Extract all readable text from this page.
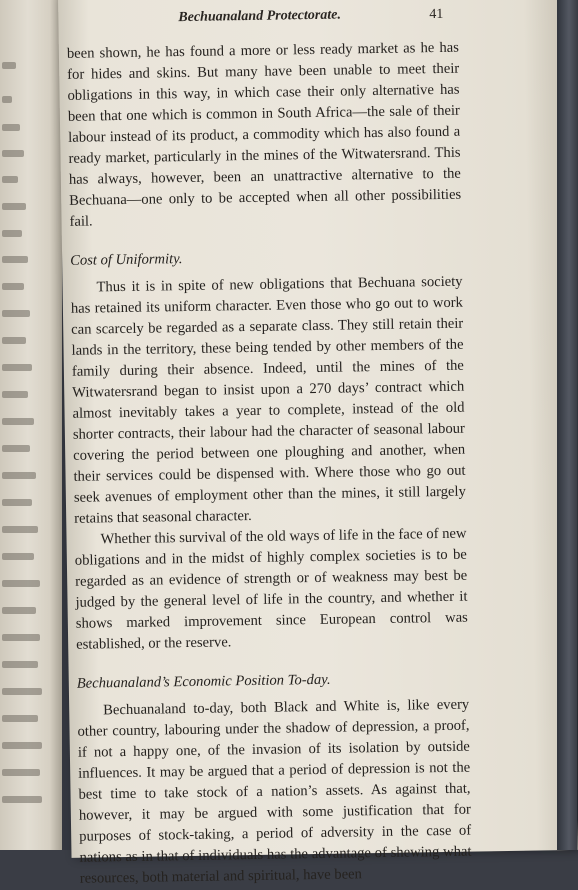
Bechuanaland Protectorate.	41

been shown, he has found a more or less ready market as he has for hides and skins. But many have been unable to meet their obligations in this way, in which case their only alternative has been that one which is common in South Africa—the sale of their labour instead of its product, a commodity which has also found a ready market, particularly in the mines of the Witwatersrand. This has always, however, been an unattractive alternative to the Bechuana—one only to be accepted when all other possibilities fail.

Cost of Uniformity.

Thus it is in spite of new obligations that Bechuana society has retained its uniform character. Even those who go out to work can scarcely be regarded as a separate class. They still retain their lands in the territory, these being tended by other members of the family during their absence. Indeed, until the mines of the Witwatersrand began to insist upon a 270 days’ contract which almost inevitably takes a year to complete, instead of the old shorter contracts, their labour had the character of seasonal labour covering the period between one ploughing and another, when their services could be dispensed with. Where those who go out seek avenues of employment other than the mines, it still largely retains that seasonal character.

Whether this survival of the old ways of life in the face of new obligations and in the midst of highly complex societies is to be regarded as an evidence of strength or of weakness may best be judged by the general level of life in the country, and whether it shows marked improvement since European control was established, or the reserve.

Bechuanaland’s Economic Position To-day.

Bechuanaland to-day, both Black and White is, like every other country, labouring under the shadow of depression, a proof, if not a happy one, of the invasion of its isolation by outside influences. It may be argued that a period of depression is not the best time to take stock of a nation’s assets. As against that, however, it may be argued with some justification that for purposes of stock-taking, a period of adversity in the case of nations as in that of individuals has the advantage of shewing what resources, both material and spiritual, have been
